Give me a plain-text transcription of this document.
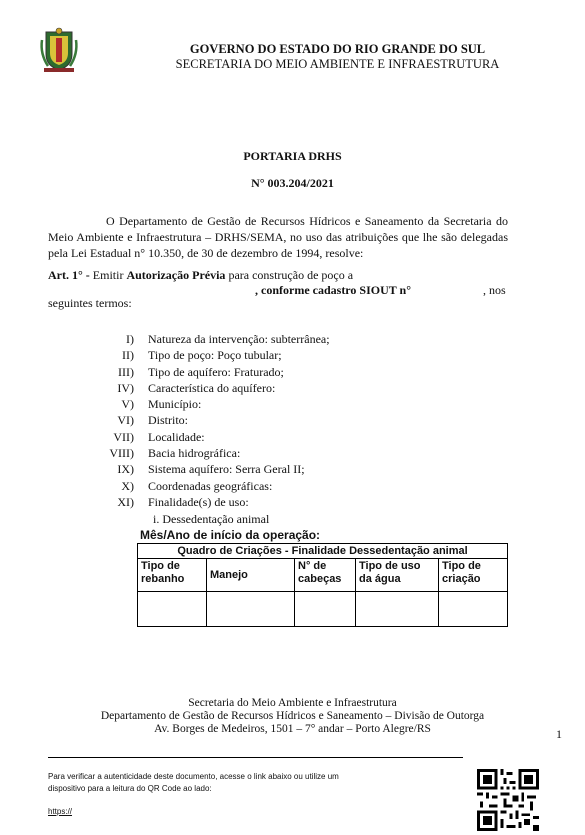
GOVERNO DO ESTADO DO RIO GRANDE DO SUL
SECRETARIA DO MEIO AMBIENTE E INFRAESTRUTURA
PORTARIA DRHS
N° 003.204/2021
O Departamento de Gestão de Recursos Hídricos e Saneamento da Secretaria do Meio Ambiente e Infraestrutura – DRHS/SEMA, no uso das atribuições que lhe são delegadas pela Lei Estadual n° 10.350, de 30 de dezembro de 1994, resolve:
Art. 1° - Emitir Autorização Prévia para construção de poço a
, conforme cadastro SIOUT n°	, nos
seguintes termos:
I)	Natureza da intervenção: subterrânea;
II)	Tipo de poço: Poço tubular;
III)	Tipo de aquífero: Fraturado;
IV)	Característica do aquífero:
V)	Município:
VI)	Distrito:
VII)	Localidade:
VIII)	Bacia hidrográfica:
IX)	Sistema aquífero: Serra Geral II;
X)	Coordenadas geográficas:
XI)	Finalidade(s) de uso:
i. Dessedentação animal
Mês/Ano de início da operação:
Quadro de Criações - Finalidade Dessedentação animal				
Tipo de rebanho	Manejo	N° de cabeças	Tipo de uso da água	Tipo de criação

Secretaria do Meio Ambiente e Infraestrutura
Departamento de Gestão de Recursos Hídricos e Saneamento – Divisão de Outorga
Av. Borges de Medeiros, 1501 – 7° andar – Porto Alegre/RS	1
Para verificar a autenticidade deste documento, acesse o link abaixo ou utilize um dispositivo para a leitura do QR Code ao lado:
https://
